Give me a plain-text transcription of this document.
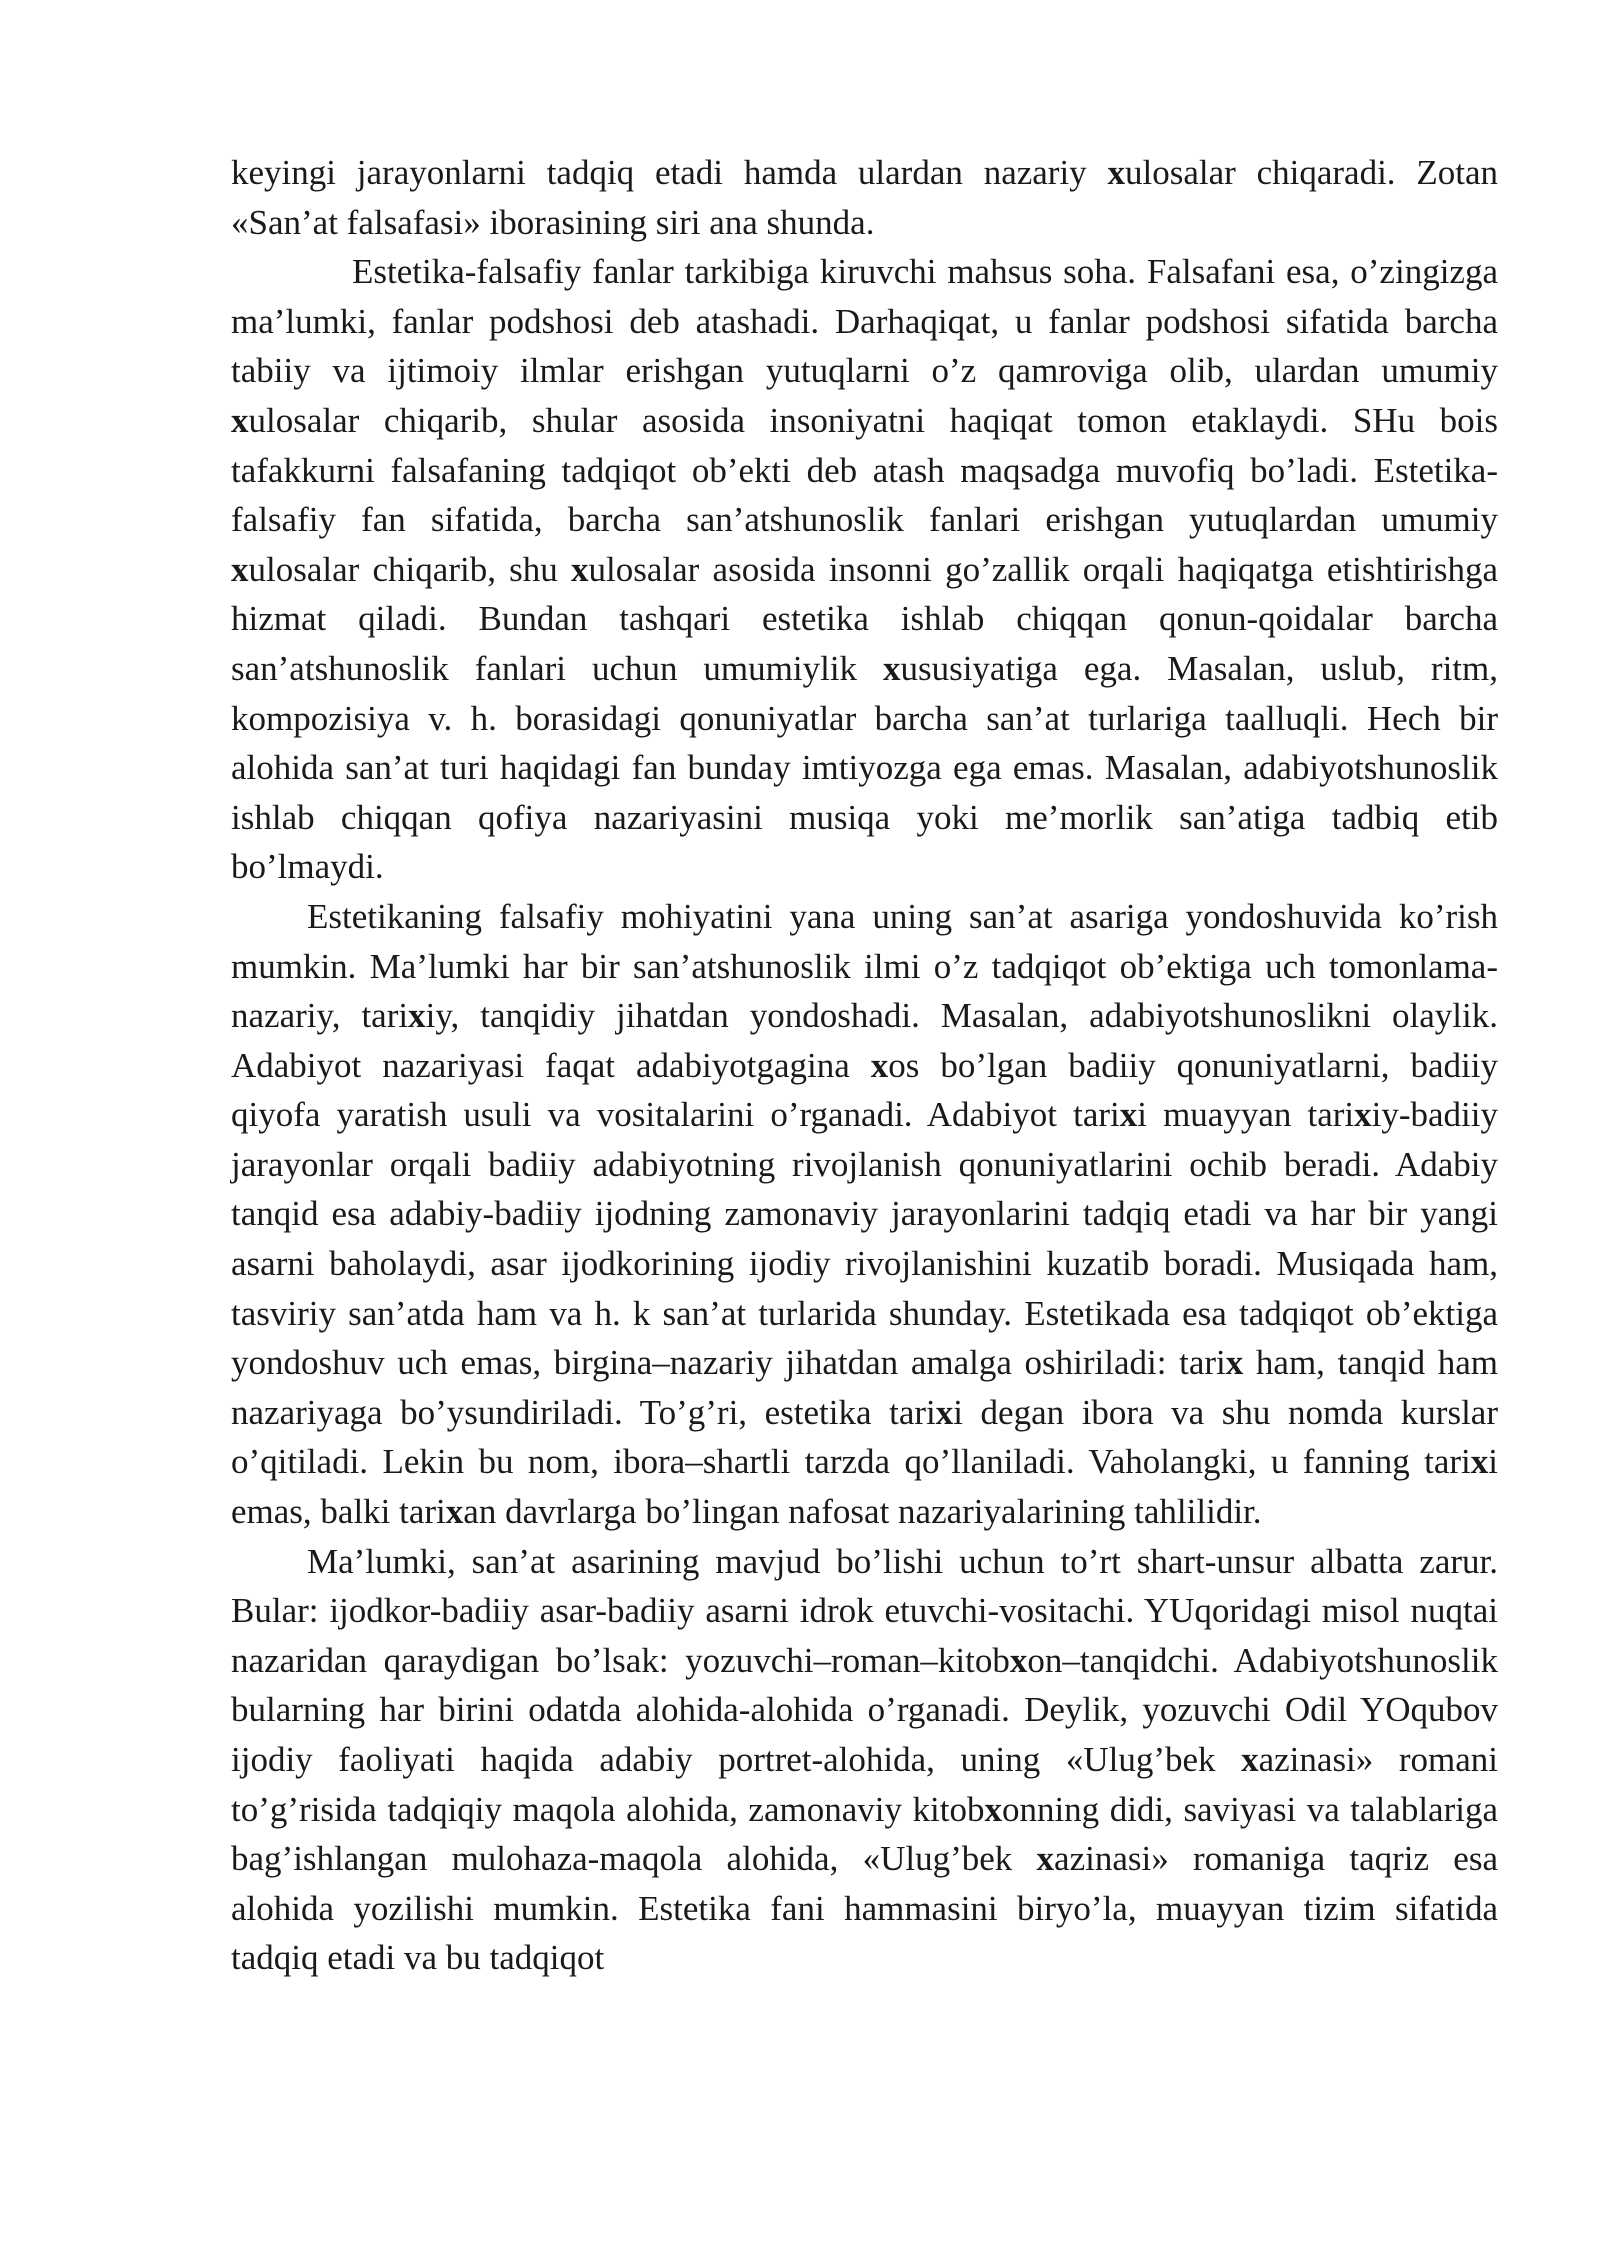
keyingi jarayonlarni tadqiq etadi hamda ulardan nazariy xulosalar chiqaradi. Zotan «San’at falsafasi» iborasining siri ana shunda.

Estetika-falsafiy fanlar tarkibiga kiruvchi mahsus soha. Falsafani esa, o’zingizga ma’lumki, fanlar podshosi deb atashadi. Darhaqiqat, u fanlar podshosi sifatida barcha tabiiy va ijtimoiy ilmlar erishgan yutuqlarni o’z qamroviga olib, ulardan umumiy xulosalar chiqarib, shular asosida insoniyatni haqiqat tomon etaklaydi. SHu bois tafakkurni falsafaning tadqiqot ob’ekti deb atash maqsadga muvofiq bo’ladi. Estetika-falsafiy fan sifatida, barcha san’atshunoslik fanlari erishgan yutuqlardan umumiy xulosalar chiqarib, shu xulosalar asosida insonni go’zallik orqali haqiqatga etishtirishga hizmat qiladi. Bundan tashqari estetika ishlab chiqqan qonun-qoidalar barcha san’atshunoslik fanlari uchun umumiylik xususiyatiga ega. Masalan, uslub, ritm, kompozisiya v. h. borasidagi qonuniyatlar barcha san’at turlariga taalluqli. Hech bir alohida san’at turi haqidagi fan bunday imtiyozga ega emas. Masalan, adabiyotshunoslik ishlab chiqqan qofiya nazariyasini musiqa yoki me’morlik san’atiga tadbiq etib bo’lmaydi.

Estetikaning falsafiy mohiyatini yana uning san’at asariga yondoshuvida ko’rish mumkin. Ma’lumki har bir san’atshunoslik ilmi o’z tadqiqot ob’ektiga uch tomonlama- nazariy, tarixiy, tanqidiy jihatdan yondoshadi. Masalan, adabiyotshunoslikni olaylik. Adabiyot nazariyasi faqat adabiyotgagina xos bo’lgan badiiy qonuniyatlarni, badiiy qiyofa yaratish usuli va vositalarini o’rganadi. Adabiyot tarixi muayyan tarixiy-badiiy jarayonlar orqali badiiy adabiyotning rivojlanish qonuniyatlarini ochib beradi. Adabiy tanqid esa adabiy-badiiy ijodning zamonaviy jarayonlarini tadqiq etadi va har bir yangi asarni baholaydi, asar ijodkorining ijodiy rivojlanishini kuzatib boradi. Musiqada ham, tasviriy san’atda ham va h. k san’at turlarida shunday. Estetikada esa tadqiqot ob’ektiga yondoshuv uch emas, birgina–nazariy jihatdan amalga oshiriladi: tarix ham, tanqid ham nazariyaga bo’ysundiriladi. To’g’ri, estetika tarixi degan ibora va shu nomda kurslar o’qitiladi. Lekin bu nom, ibora–shartli tarzda qo’llaniladi. Vaholangki, u fanning tarixi emas, balki tarixan davrlarga bo’lingan nafosat nazariyalarining tahlilidir.

Ma’lumki, san’at asarining mavjud bo’lishi uchun to’rt shart-unsur albatta zarur. Bular: ijodkor-badiiy asar-badiiy asarni idrok etuvchi-vositachi. YUqoridagi misol nuqtai nazaridan qaraydigan bo’lsak: yozuvchi–roman–kitobxon–tanqidchi. Adabiyotshunoslik bularning har birini odatda alohida-alohida o’rganadi. Deylik, yozuvchi Odil YOqubov ijodiy faoliyati haqida adabiy portret-alohida, uning «Ulug’bek xazinasi» romani to’g’risida tadqiqiy maqola alohida, zamonaviy kitobxonning didi, saviyasi va talablariga bag’ishlangan mulohaza-maqola alohida, «Ulug’bek xazinasi» romaniga taqriz esa alohida yozilishi mumkin. Estetika fani hammasini biryo’la, muayyan tizim sifatida tadqiq etadi va bu tadqiqot
